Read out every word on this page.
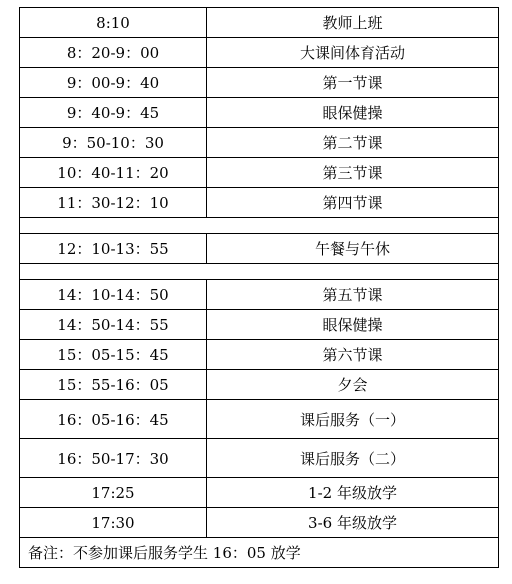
8:10	教师上班
8：20-9：00	大课间体育活动
9：00-9：40	第一节课
9：40-9：45	眼保健操
9：50-10：30	第二节课
10：40-11：20	第三节课
11：30-12：10	第四节课

12：10-13：55	午餐与午休

14：10-14：50	第五节课
14：50-14：55	眼保健操
15：05-15：45	第六节课
15：55-16：05	夕会
16：05-16：45	课后服务（一）
16：50-17：30	课后服务（二）
17:25	1-2 年级放学
17:30	3-6 年级放学
备注：不参加课后服务学生 16：05 放学	
